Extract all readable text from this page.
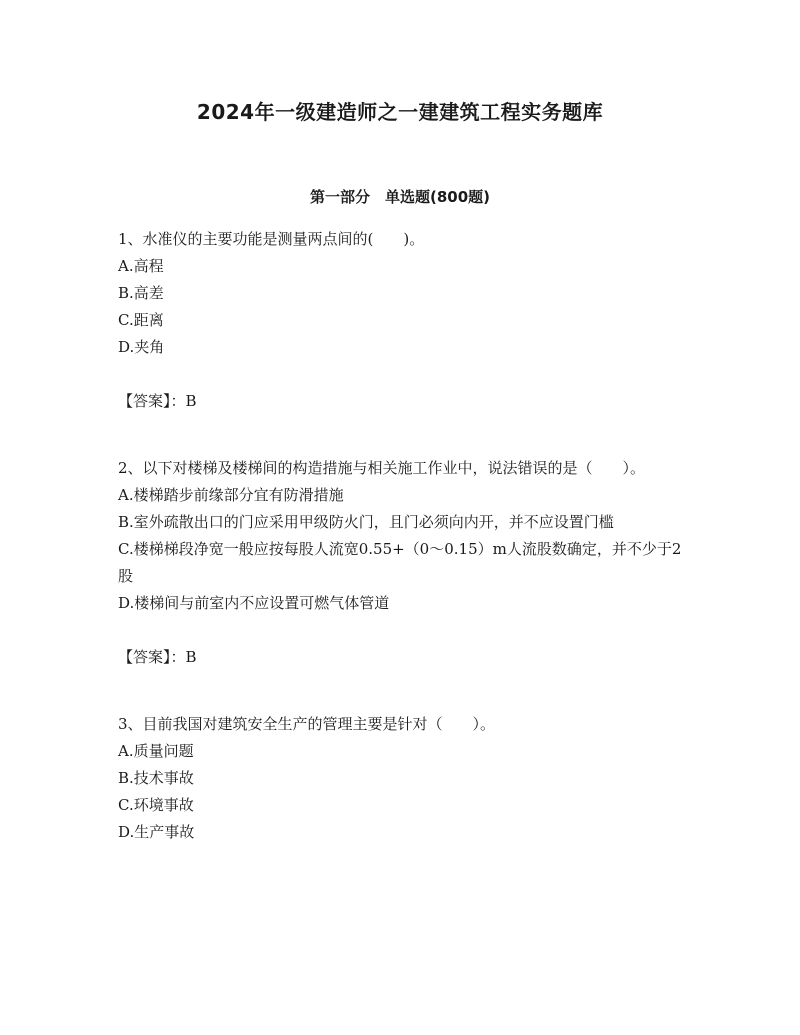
2024年一级建造师之一建建筑工程实务题库
第一部分　单选题(800题)

1、水准仪的主要功能是测量两点间的(　　)。

A.高程

B.高差

C.距离

D.夹角

【答案】：B

2、以下对楼梯及楼梯间的构造措施与相关施工作业中，说法错误的是（　　）。

A.楼梯踏步前缘部分宜有防滑措施

B.室外疏散出口的门应采用甲级防火门，且门必须向内开，并不应设置门槛

C.楼梯梯段净宽一般应按每股人流宽0.55+（0～0.15）m人流股数确定，并不少于2股

D.楼梯间与前室内不应设置可燃气体管道

【答案】：B

3、目前我国对建筑安全生产的管理主要是针对（　　）。

A.质量问题

B.技术事故

C.环境事故

D.生产事故
